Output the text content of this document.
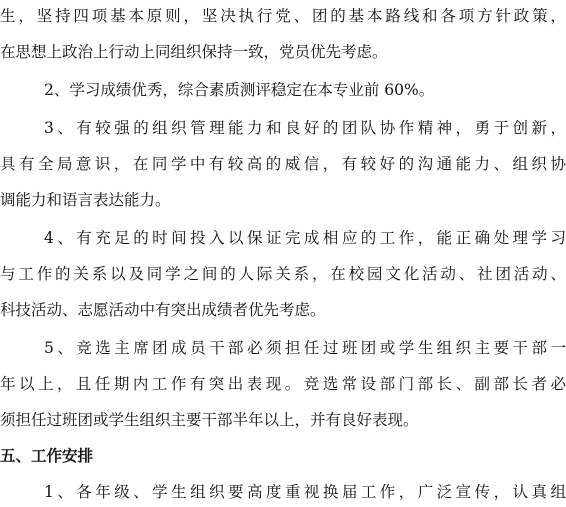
生，坚持四项基本原则，坚决执行党、团的基本路线和各项方针政策，
在思想上政治上行动上同组织保持一致，党员优先考虑。
2、学习成绩优秀，综合素质测评稳定在本专业前 60%。
3、有较强的组织管理能力和良好的团队协作精神，勇于创新，
具有全局意识，在同学中有较高的威信，有较好的沟通能力、组织协
调能力和语言表达能力。
4、有充足的时间投入以保证完成相应的工作，能正确处理学习
与工作的关系以及同学之间的人际关系，在校园文化活动、社团活动、
科技活动、志愿活动中有突出成绩者优先考虑。
5、竞选主席团成员干部必须担任过班团或学生组织主要干部一
年以上，且任期内工作有突出表现。竞选常设部门部长、副部长者必
须担任过班团或学生组织主要干部半年以上，并有良好表现。
五、工作安排
1、各年级、学生组织要高度重视换届工作，广泛宣传，认真组
